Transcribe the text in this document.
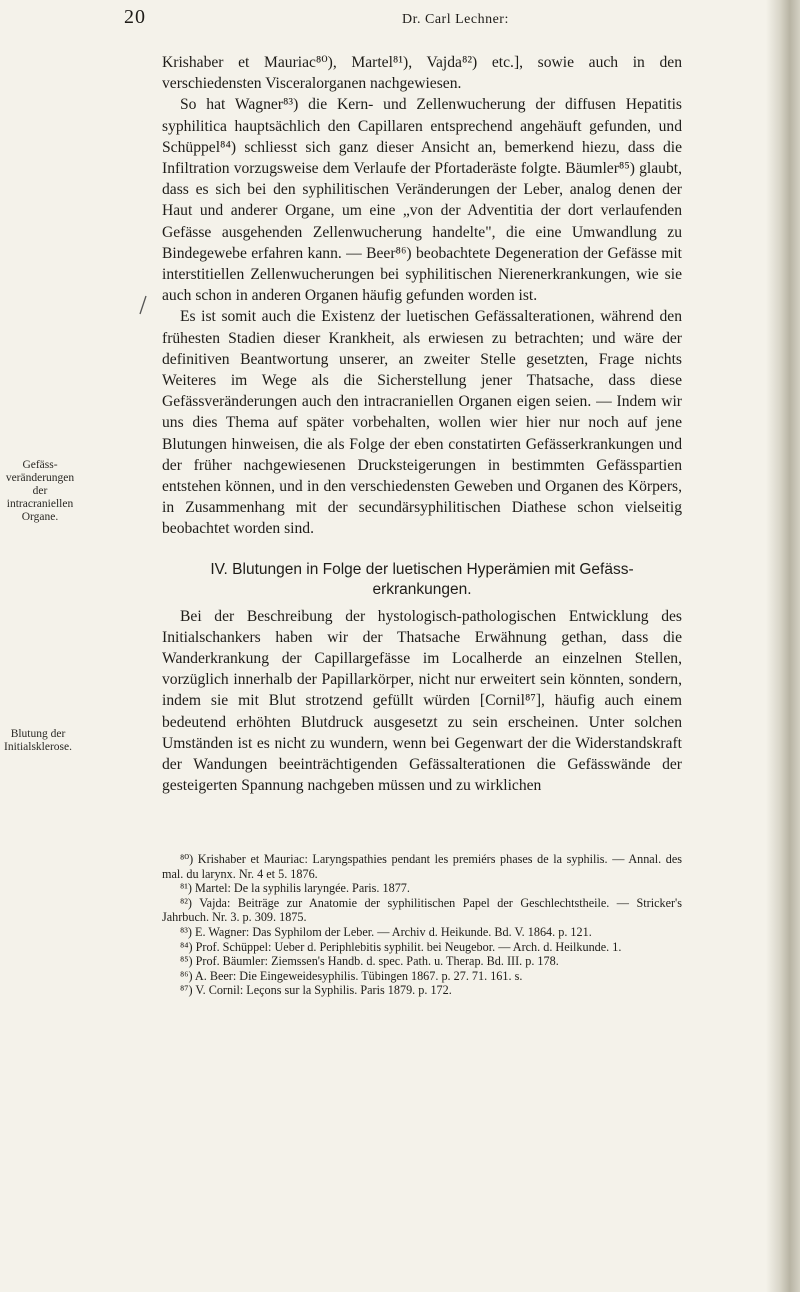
20	Dr. Carl Lechner:
Gefäss-
veränderungen
der
intracraniellen
Organe.
Blutung der
Initialsklerose.

Krishaber et Mauriac⁸⁰), Martel⁸¹), Vajda⁸²) etc.], sowie auch in den verschiedensten Visceralorganen nachgewiesen.

So hat Wagner⁸³) die Kern- und Zellenwucherung der diffusen Hepatitis syphilitica hauptsächlich den Capillaren entsprechend angehäuft gefunden, und Schüppel⁸⁴) schliesst sich ganz dieser Ansicht an, bemerkend hiezu, dass die Infiltration vorzugsweise dem Verlaufe der Pfortaderäste folgte. Bäumler⁸⁵) glaubt, dass es sich bei den syphilitischen Veränderungen der Leber, analog denen der Haut und anderer Organe, um eine „von der Adventitia der dort verlaufenden Gefässe ausgehenden Zellenwucherung handelte", die eine Umwandlung zu Bindegewebe erfahren kann. — Beer⁸⁶) beobachtete Degeneration der Gefässe mit interstitiellen Zellenwucherungen bei syphilitischen Nierenerkrankungen, wie sie auch schon in anderen Organen häufig gefunden worden ist.

Es ist somit auch die Existenz der luetischen Gefässalterationen, während den frühesten Stadien dieser Krankheit, als erwiesen zu betrachten; und wäre der definitiven Beantwortung unserer, an zweiter Stelle gesetzten, Frage nichts Weiteres im Wege als die Sicherstellung jener Thatsache, dass diese Gefässveränderungen auch den intracraniellen Organen eigen seien. — Indem wir uns dies Thema auf später vorbehalten, wollen wier hier nur noch auf jene Blutungen hinweisen, die als Folge der eben constatirten Gefässerkrankungen und der früher nachgewiesenen Drucksteigerungen in bestimmten Gefässpartien entstehen können, und in den verschiedensten Geweben und Organen des Körpers, in Zusammenhang mit der secundärsyphilitischen Diathese schon vielseitig beobachtet worden sind.

IV. Blutungen in Folge der luetischen Hyperämien mit Gefäss-erkrankungen.

Bei der Beschreibung der hystologisch-pathologischen Entwicklung des Initialschankers haben wir der Thatsache Erwähnung gethan, dass die Wanderkrankung der Capillargefässe im Localherde an einzelnen Stellen, vorzüglich innerhalb der Papillarkörper, nicht nur erweitert sein könnten, sondern, indem sie mit Blut strotzend gefüllt würden [Cornil⁸⁷], häufig auch einem bedeutend erhöhten Blutdruck ausgesetzt zu sein erscheinen. Unter solchen Umständen ist es nicht zu wundern, wenn bei Gegenwart der die Widerstandskraft der Wandungen beeinträchtigenden Gefässalterationen die Gefässwände der gesteigerten Spannung nachgeben müssen und zu wirklichen

⁸⁰) Krishaber et Mauriac: Laryngspathies pendant les premiérs phases de la syphilis. — Annal. des mal. du larynx. Nr. 4 et 5. 1876.

⁸¹) Martel: De la syphilis laryngée. Paris. 1877.

⁸²) Vajda: Beiträge zur Anatomie der syphilitischen Papel der Geschlechtstheile. — Stricker's Jahrbuch. Nr. 3. p. 309. 1875.

⁸³) E. Wagner: Das Syphilom der Leber. — Archiv d. Heikunde. Bd. V. 1864. p. 121.

⁸⁴) Prof. Schüppel: Ueber d. Periphlebitis syphilit. bei Neugebor. — Arch. d. Heilkunde. 1.

⁸⁵) Prof. Bäumler: Ziemssen's Handb. d. spec. Path. u. Therap. Bd. III. p. 178.

⁸⁶) A. Beer: Die Eingeweidesyphilis. Tübingen 1867. p. 27. 71. 161. s.

⁸⁷) V. Cornil: Leçons sur la Syphilis. Paris 1879. p. 172.
